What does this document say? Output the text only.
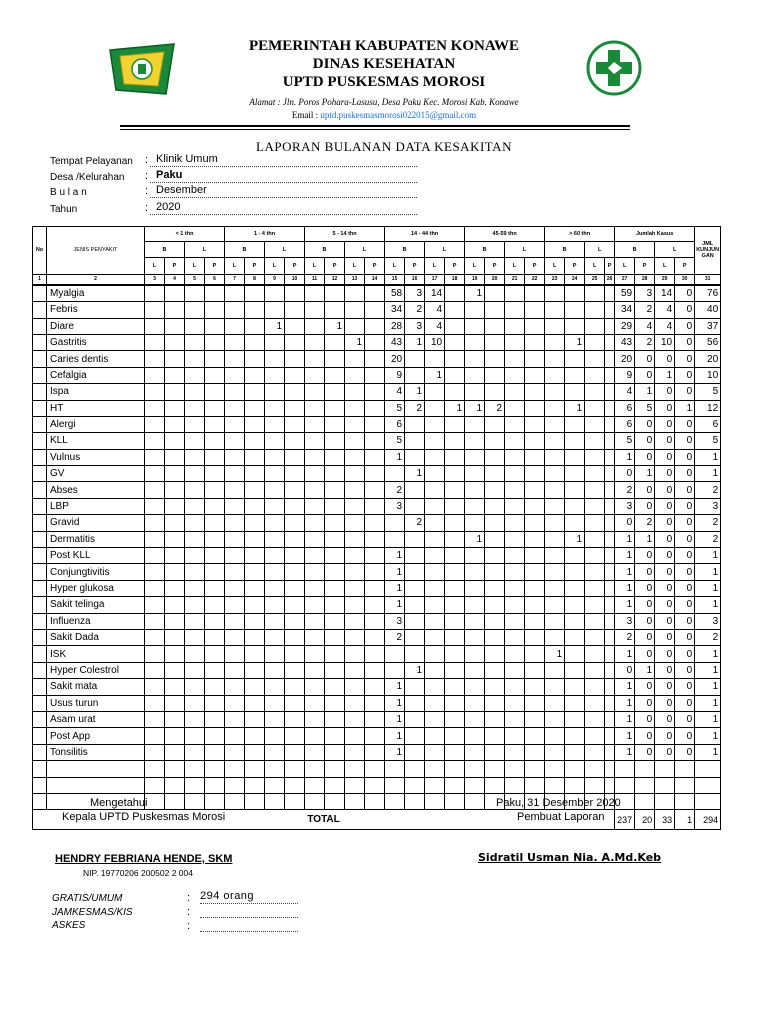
PEMERINTAH KABUPATEN KONAWE
DINAS KESEHATAN
UPTD PUSKESMAS MOROSI
Alamat : Jln. Poros Pohara-Lasusu, Desa Paku Kec. Morosi Kab. Konawe
Email : uptd.puskesmasmorosi022015@gmail.com
LAPORAN BULANAN DATA KESAKITAN
Tempat Pelayanan : Klinik Umum
Desa /Kelurahan : Paku
B u l a n	: Desember
Tahun	: 2020
No	JENIS PENYAKIT	< 1 thn				1 - 4 thn				5 - 14 thn				14 - 44 thn				45-59 thn				> 60 thn				Jumlah Kasus				JML KUNJUN GAN
		B		L		B		L		B		L		B		L		B		L		B		L		B		L		
		L	P	L	P	L	P	L	P	L	P	L	P	L	P	L	P	L	P	L	P	L	P	L	P	L	P	L	P	
1	2	3	4	5	6	7	8	9	10	11	12	13	14	15	16	17	18	19	20	21	22	23	24	25	26	27	28	29	30	31
	Myalgia													58	3	14		1								59	3	14	0	76
	Febris													34	2	4										34	2	4	0	40
	Diare							1			1			28	3	4										29	4	4	0	37
	Gastritis											1		43	1	10							1			43	2	10	0	56
	Caries dentis													20												20	0	0	0	20
	Cefalgia													9		1										9	0	1	0	10
	Ispa													4	1											4	1	0	0	5
	HT													5	2		1	1	2				1			6	5	0	1	12
	Alergi													6												6	0	0	0	6
	KLL													5												5	0	0	0	5
	Vulnus													1												1	0	0	0	1
	GV														1											0	1	0	0	1
	Abses													2												2	0	0	0	2
	LBP													3												3	0	0	0	3
	Gravid														2											0	2	0	0	2
	Dermatitis																	1					1			1	1	0	0	2
	Post KLL													1												1	0	0	0	1
	Conjungtivitis													1												1	0	0	0	1
	Hyper glukosa													1												1	0	0	0	1
	Sakit telinga													1												1	0	0	0	1
	Influenza													3												3	0	0	0	3
	Sakit Dada													2												2	0	0	0	2
	ISK																					1				1	0	0	0	1
	Hyper Colestrol														1											0	1	0	0	1
	Sakit mata													1												1	0	0	0	1
	Usus turun													1												1	0	0	0	1
	Asam urat													1												1	0	0	0	1
	Post App													1												1	0	0	0	1
	Tonsilitis													1												1	0	0	0	1

TOTAL																										237	20	33	1	294
Mengetahui
Kepala UPTD Puskesmas Morosi
HENDRY FEBRIANA HENDE, SKM
NIP. 19770206 200502 2 004
Paku, 31 Desember 2020
Pembuat Laporan
Sidratil Usman Nia. A.Md.Keb
GRATIS/UMUM	: 294 orang
JAMKESMAS/KIS	:
ASKES	:
